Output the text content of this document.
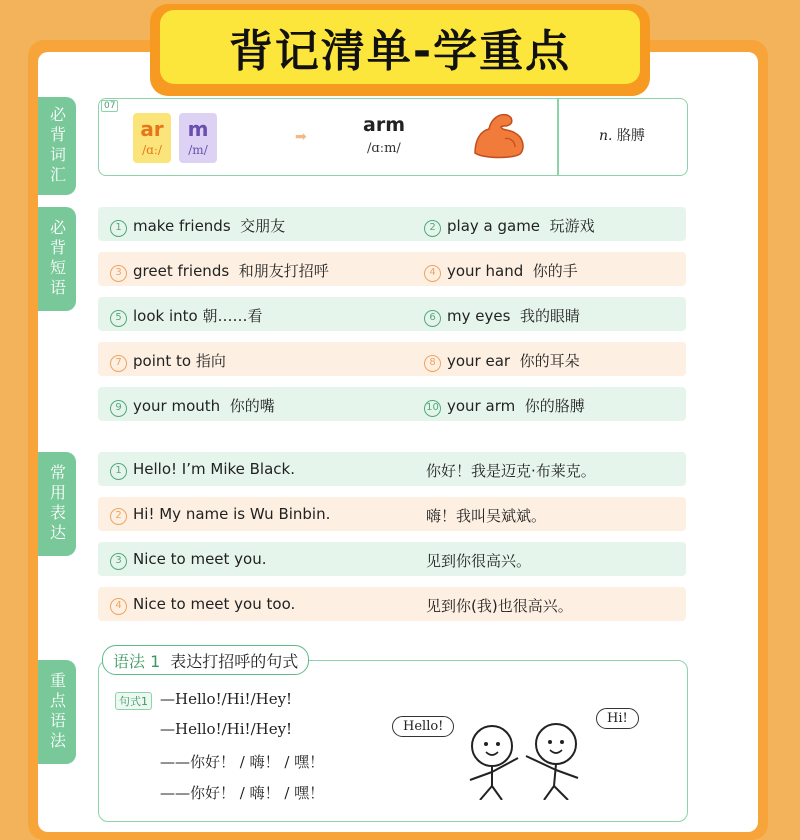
背记清单-学重点
必背词汇
必背短语
常用表达
重点语法
07
ar
/ɑː/
m
/m/
➡
arm
/ɑːm/
n. 胳膊
1 make friends  交朋友	2 play a game  玩游戏
3 greet friends  和朋友打招呼	4 your hand  你的手
5 look into 朝……看	6 my eyes  我的眼睛
7 point to 指向	8 your ear  你的耳朵
9 your mouth  你的嘴	10 your arm  你的胳膊
1 Hello! I’m Mike Black.	你好！我是迈克·布莱克。
2 Hi! My name is Wu Binbin.	嗨！我叫吴斌斌。
3 Nice to meet you.	见到你很高兴。
4 Nice to meet you too.	见到你(我)也很高兴。
语法 1 表达打招呼的句式
句式1 —Hello!/Hi!/Hey!
—Hello!/Hi!/Hey!
——你好！ / 嗨！ / 嘿！
——你好！ / 嗨！ / 嘿！
Hello!
Hi!
